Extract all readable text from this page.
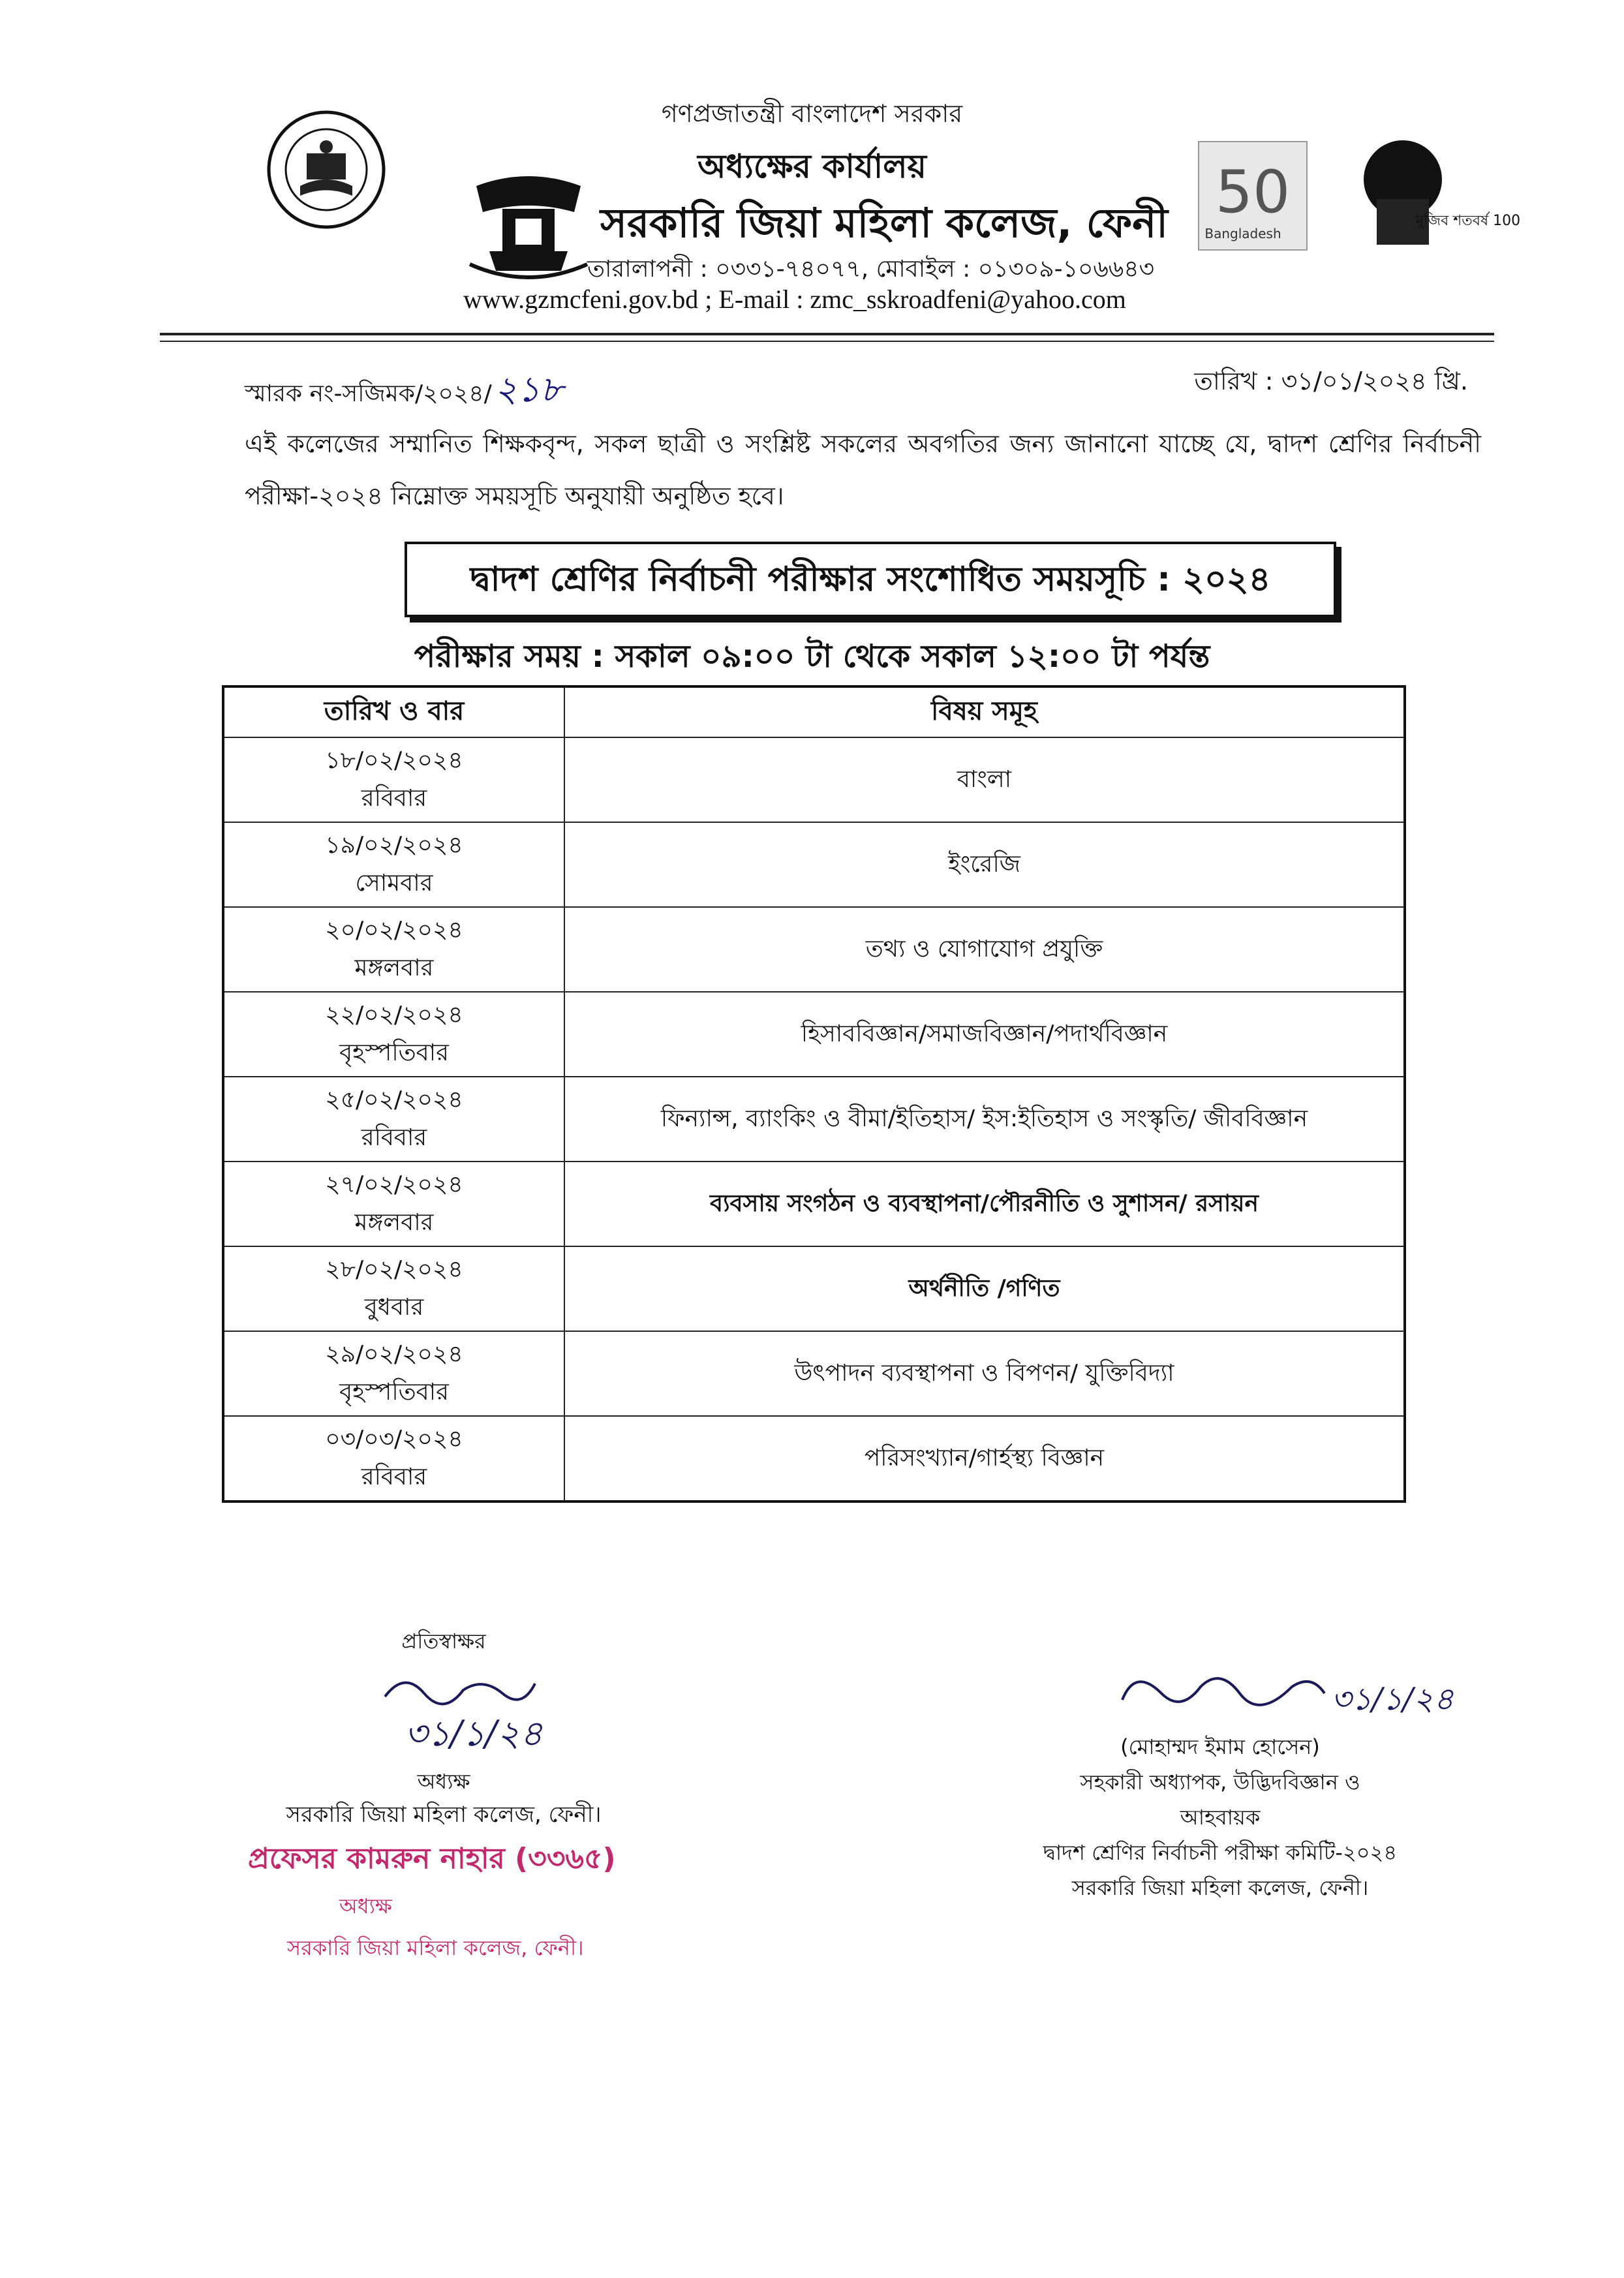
50
Bangladesh
মুজিব শতবর্ষ 100
গণপ্রজাতন্ত্রী বাংলাদেশ সরকার
অধ্যক্ষের কার্যালয়
সরকারি জিয়া মহিলা কলেজ, ফেনী
তারালাপনী : ০৩৩১-৭৪০৭৭, মোবাইল : ০১৩০৯-১০৬৬৪৩
www.gzmcfeni.gov.bd ; E-mail : zmc_sskroadfeni@yahoo.com
স্মারক নং-সজিমক/২০২৪/২১৮	তারিখ : ৩১/০১/২০২৪ খ্রি.
এই কলেজের সম্মানিত শিক্ষকবৃন্দ, সকল ছাত্রী ও সংশ্লিষ্ট সকলের অবগতির জন্য জানানো যাচ্ছে যে, দ্বাদশ শ্রেণির নির্বাচনী পরীক্ষা-২০২৪ নিম্নোক্ত সময়সূচি অনুযায়ী অনুষ্ঠিত হবে।
দ্বাদশ শ্রেণির নির্বাচনী পরীক্ষার সংশোধিত সময়সূচি : ২০২৪
পরীক্ষার সময় : সকাল ০৯:০০ টা থেকে সকাল ১২:০০ টা পর্যন্ত
তারিখ ও বার	বিষয় সমূহ

১৮/০২/২০২৪
রবিবার	বাংলা

১৯/০২/২০২৪
সোমবার	ইংরেজি

২০/০২/২০২৪
মঙ্গলবার	তথ্য ও যোগাযোগ প্রযুক্তি

২২/০২/২০২৪
বৃহস্পতিবার	হিসাববিজ্ঞান/সমাজবিজ্ঞান/পদার্থবিজ্ঞান

২৫/০২/২০২৪
রবিবার	ফিন্যান্স, ব্যাংকিং ও বীমা/ইতিহাস/ ইস:ইতিহাস ও সংস্কৃতি/ জীববিজ্ঞান

২৭/০২/২০২৪
মঙ্গলবার	ব্যবসায় সংগঠন ও ব্যবস্থাপনা/পৌরনীতি ও সুশাসন/ রসায়ন

২৮/০২/২০২৪
বুধবার	অর্থনীতি /গণিত

২৯/০২/২০২৪
বৃহস্পতিবার	উৎপাদন ব্যবস্থাপনা ও বিপণন/ যুক্তিবিদ্যা

০৩/০৩/২০২৪
রবিবার	পরিসংখ্যান/গার্হস্থ্য বিজ্ঞান
প্রতিস্বাক্ষর
৩১/১/২৪
অধ্যক্ষ
সরকারি জিয়া মহিলা কলেজ, ফেনী।
প্রফেসর কামরুন নাহার (৩৩৬৫)
অধ্যক্ষ
সরকারি জিয়া মহিলা কলেজ, ফেনী।
৩১/১/২৪
(মোহাম্মদ ইমাম হোসেন)
সহকারী অধ্যাপক, উদ্ভিদবিজ্ঞান ও
আহবায়ক
দ্বাদশ শ্রেণির নির্বাচনী পরীক্ষা কমিটি-২০২৪
সরকারি জিয়া মহিলা কলেজ, ফেনী।
